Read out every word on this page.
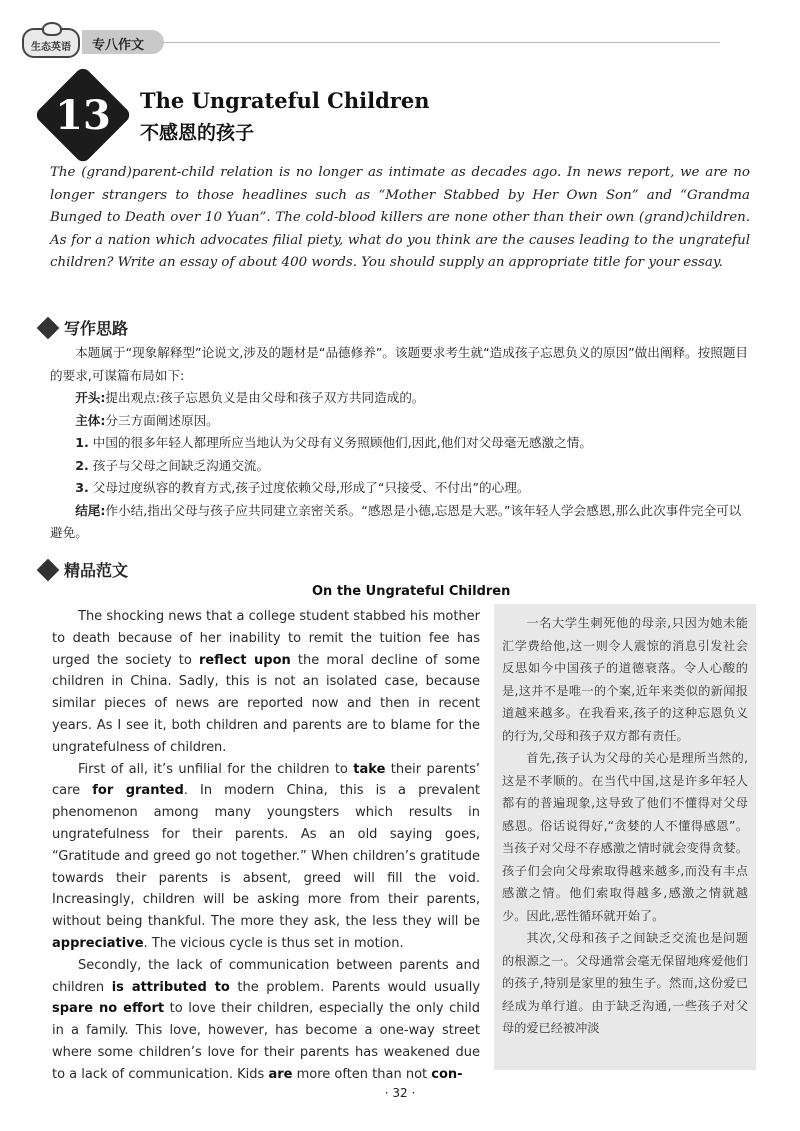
生态英语	专八作文
13	The Ungrateful Children
不感恩的孩子
The (grand)parent-child relation is no longer as intimate as decades ago. In news report, we are no longer strangers to those headlines such as “Mother Stabbed by Her Own Son” and “Grandma Bunged to Death over 10 Yuan”. The cold-blood killers are none other than their own (grand)children. As for a nation which advocates filial piety, what do you think are the causes leading to the ungrateful children? Write an essay of about 400 words. You should supply an appropriate title for your essay.
写作思路

本题属于“现象解释型”论说文,涉及的题材是“品德修养”。该题要求考生就“造成孩子忘恩负义的原因”做出阐释。按照题目的要求,可谋篇布局如下:

开头:提出观点:孩子忘恩负义是由父母和孩子双方共同造成的。

主体:分三方面阐述原因。

1. 中国的很多年轻人都理所应当地认为父母有义务照顾他们,因此,他们对父母毫无感激之情。

2. 孩子与父母之间缺乏沟通交流。

3. 父母过度纵容的教育方式,孩子过度依赖父母,形成了“只接受、不付出”的心理。

结尾:作小结,指出父母与孩子应共同建立亲密关系。“感恩是小德,忘恩是大恶。”该年轻人学会感恩,那么此次事件完全可以避免。

精品范文
On the Ungrateful Children

The shocking news that a college student stabbed his mother to death because of her inability to remit the tuition fee has urged the society to reflect upon the moral decline of some children in China. Sadly, this is not an isolated case, because similar pieces of news are reported now and then in recent years. As I see it, both children and parents are to blame for the ungratefulness of children.

First of all, it’s unfilial for the children to take their parents’ care for granted. In modern China, this is a prevalent phenomenon among many youngsters which results in ungratefulness for their parents. As an old saying goes, “Gratitude and greed go not together.” When children’s gratitude towards their parents is absent, greed will fill the void. Increasingly, children will be asking more from their parents, without being thankful. The more they ask, the less they will be appreciative. The vicious cycle is thus set in motion.

Secondly, the lack of communication between parents and children is attributed to the problem. Parents would usually spare no effort to love their children, especially the only child in a family. This love, however, has become a one-way street where some children’s love for their parents has weakened due to a lack of communication. Kids are more often than not con-

一名大学生刺死他的母亲,只因为她未能汇学费给他,这一则令人震惊的消息引发社会反思如今中国孩子的道德衰落。令人心酸的是,这并不是唯一的个案,近年来类似的新闻报道越来越多。在我看来,孩子的这种忘恩负义的行为,父母和孩子双方都有责任。

首先,孩子认为父母的关心是理所当然的,这是不孝顺的。在当代中国,这是许多年轻人都有的普遍现象,这导致了他们不懂得对父母感恩。俗话说得好,“贪婪的人不懂得感恩”。当孩子对父母不存感激之情时就会变得贪婪。孩子们会向父母索取得越来越多,而没有丰点感激之情。他们索取得越多,感激之情就越少。因此,恶性循环就开始了。

其次,父母和孩子之间缺乏交流也是问题的根源之一。父母通常会毫无保留地疼爱他们的孩子,特别是家里的独生子。然而,这份爱已经成为单行道。由于缺乏沟通,一些孩子对父母的爱已经被冲淡

· 32 ·
